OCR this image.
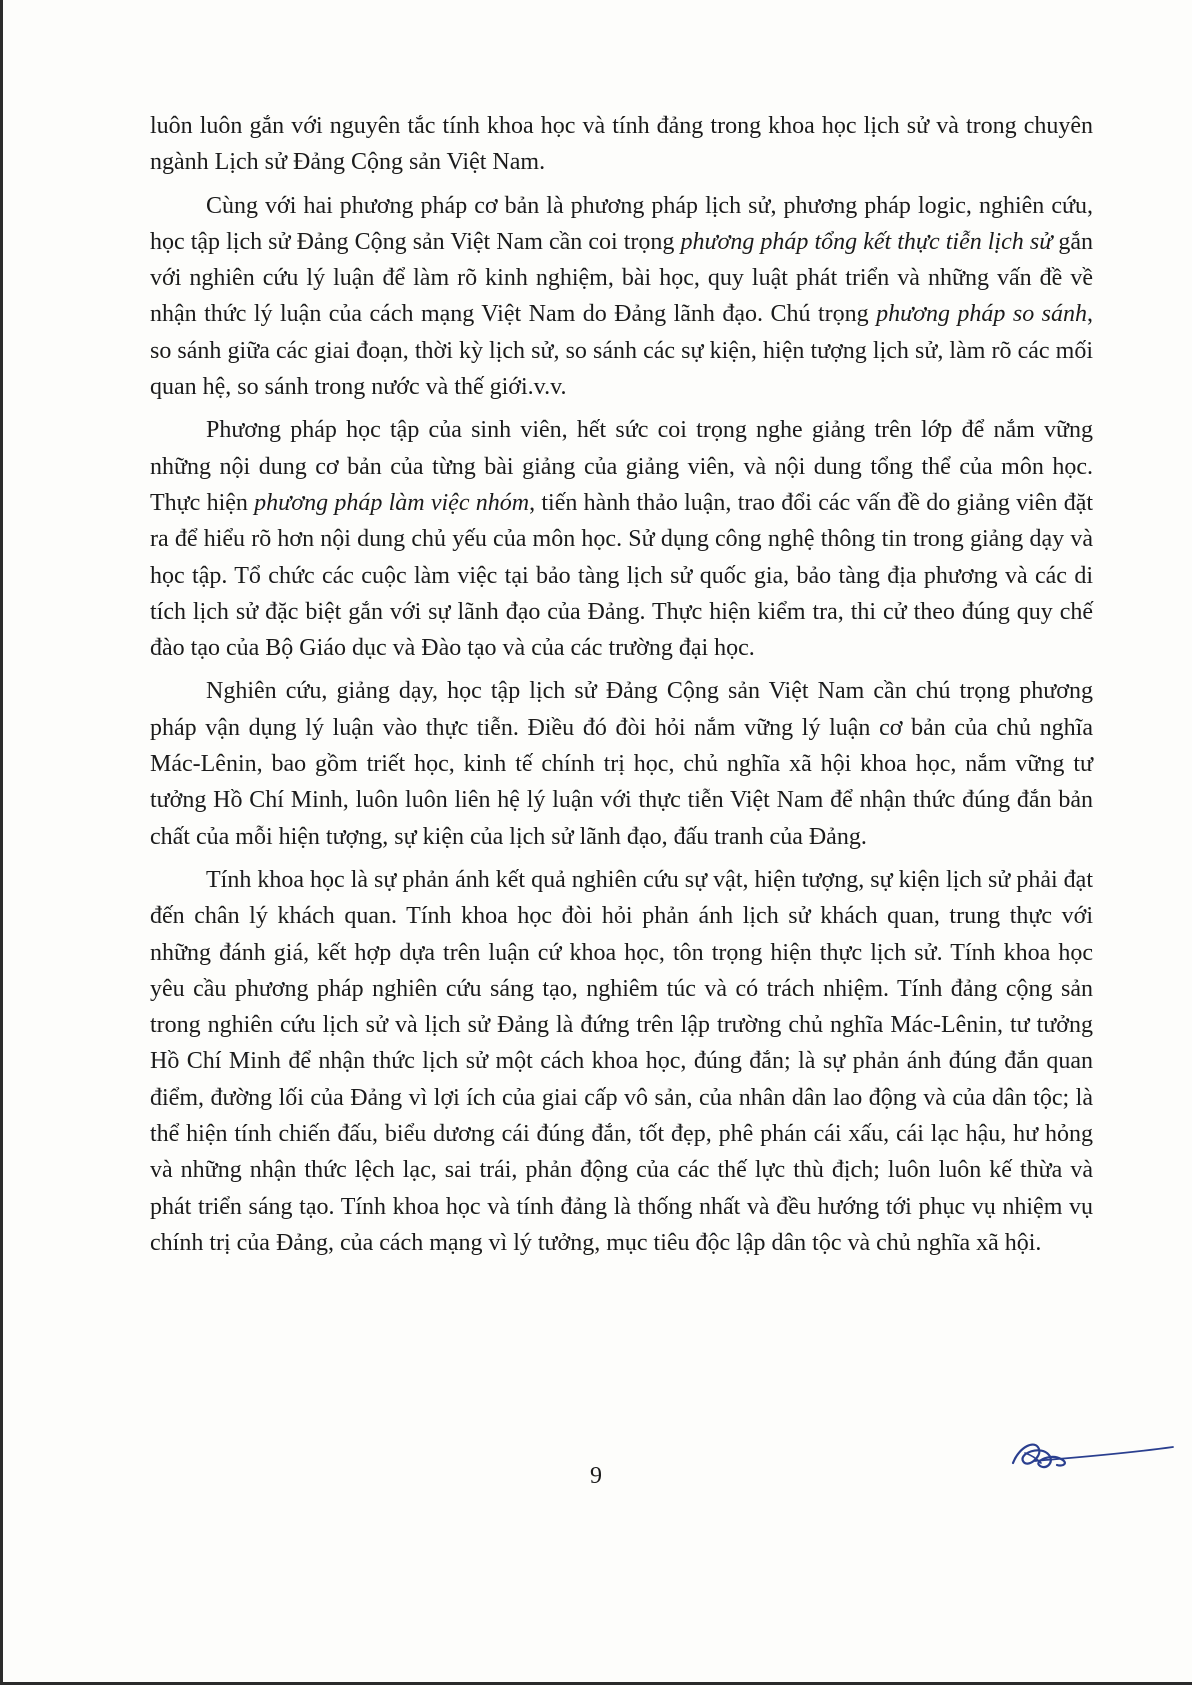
luôn luôn gắn với nguyên tắc tính khoa học và tính đảng trong khoa học lịch sử và trong chuyên ngành Lịch sử Đảng Cộng sản Việt Nam.

Cùng với hai phương pháp cơ bản là phương pháp lịch sử, phương pháp logic, nghiên cứu, học tập lịch sử Đảng Cộng sản Việt Nam cần coi trọng phương pháp tổng kết thực tiễn lịch sử gắn với nghiên cứu lý luận để làm rõ kinh nghiệm, bài học, quy luật phát triển và những vấn đề về nhận thức lý luận của cách mạng Việt Nam do Đảng lãnh đạo. Chú trọng phương pháp so sánh, so sánh giữa các giai đoạn, thời kỳ lịch sử, so sánh các sự kiện, hiện tượng lịch sử, làm rõ các mối quan hệ, so sánh trong nước và thế giới.v.v.

Phương pháp học tập của sinh viên, hết sức coi trọng nghe giảng trên lớp để nắm vững những nội dung cơ bản của từng bài giảng của giảng viên, và nội dung tổng thể của môn học. Thực hiện phương pháp làm việc nhóm, tiến hành thảo luận, trao đổi các vấn đề do giảng viên đặt ra để hiểu rõ hơn nội dung chủ yếu của môn học. Sử dụng công nghệ thông tin trong giảng dạy và học tập. Tổ chức các cuộc làm việc tại bảo tàng lịch sử quốc gia, bảo tàng địa phương và các di tích lịch sử đặc biệt gắn với sự lãnh đạo của Đảng. Thực hiện kiểm tra, thi cử theo đúng quy chế đào tạo của Bộ Giáo dục và Đào tạo và của các trường đại học.

Nghiên cứu, giảng dạy, học tập lịch sử Đảng Cộng sản Việt Nam cần chú trọng phương pháp vận dụng lý luận vào thực tiễn. Điều đó đòi hỏi nắm vững lý luận cơ bản của chủ nghĩa Mác-Lênin, bao gồm triết học, kinh tế chính trị học, chủ nghĩa xã hội khoa học, nắm vững tư tưởng Hồ Chí Minh, luôn luôn liên hệ lý luận với thực tiễn Việt Nam để nhận thức đúng đắn bản chất của mỗi hiện tượng, sự kiện của lịch sử lãnh đạo, đấu tranh của Đảng.

Tính khoa học là sự phản ánh kết quả nghiên cứu sự vật, hiện tượng, sự kiện lịch sử phải đạt đến chân lý khách quan. Tính khoa học đòi hỏi phản ánh lịch sử khách quan, trung thực với những đánh giá, kết hợp dựa trên luận cứ khoa học, tôn trọng hiện thực lịch sử. Tính khoa học yêu cầu phương pháp nghiên cứu sáng tạo, nghiêm túc và có trách nhiệm. Tính đảng cộng sản trong nghiên cứu lịch sử và lịch sử Đảng là đứng trên lập trường chủ nghĩa Mác-Lênin, tư tưởng Hồ Chí Minh để nhận thức lịch sử một cách khoa học, đúng đắn; là sự phản ánh đúng đắn quan điểm, đường lối của Đảng vì lợi ích của giai cấp vô sản, của nhân dân lao động và của dân tộc; là thể hiện tính chiến đấu, biểu dương cái đúng đắn, tốt đẹp, phê phán cái xấu, cái lạc hậu, hư hỏng và những nhận thức lệch lạc, sai trái, phản động của các thế lực thù địch; luôn luôn kế thừa và phát triển sáng tạo. Tính khoa học và tính đảng là thống nhất và đều hướng tới phục vụ nhiệm vụ chính trị của Đảng, của cách mạng vì lý tưởng, mục tiêu độc lập dân tộc và chủ nghĩa xã hội.

9
